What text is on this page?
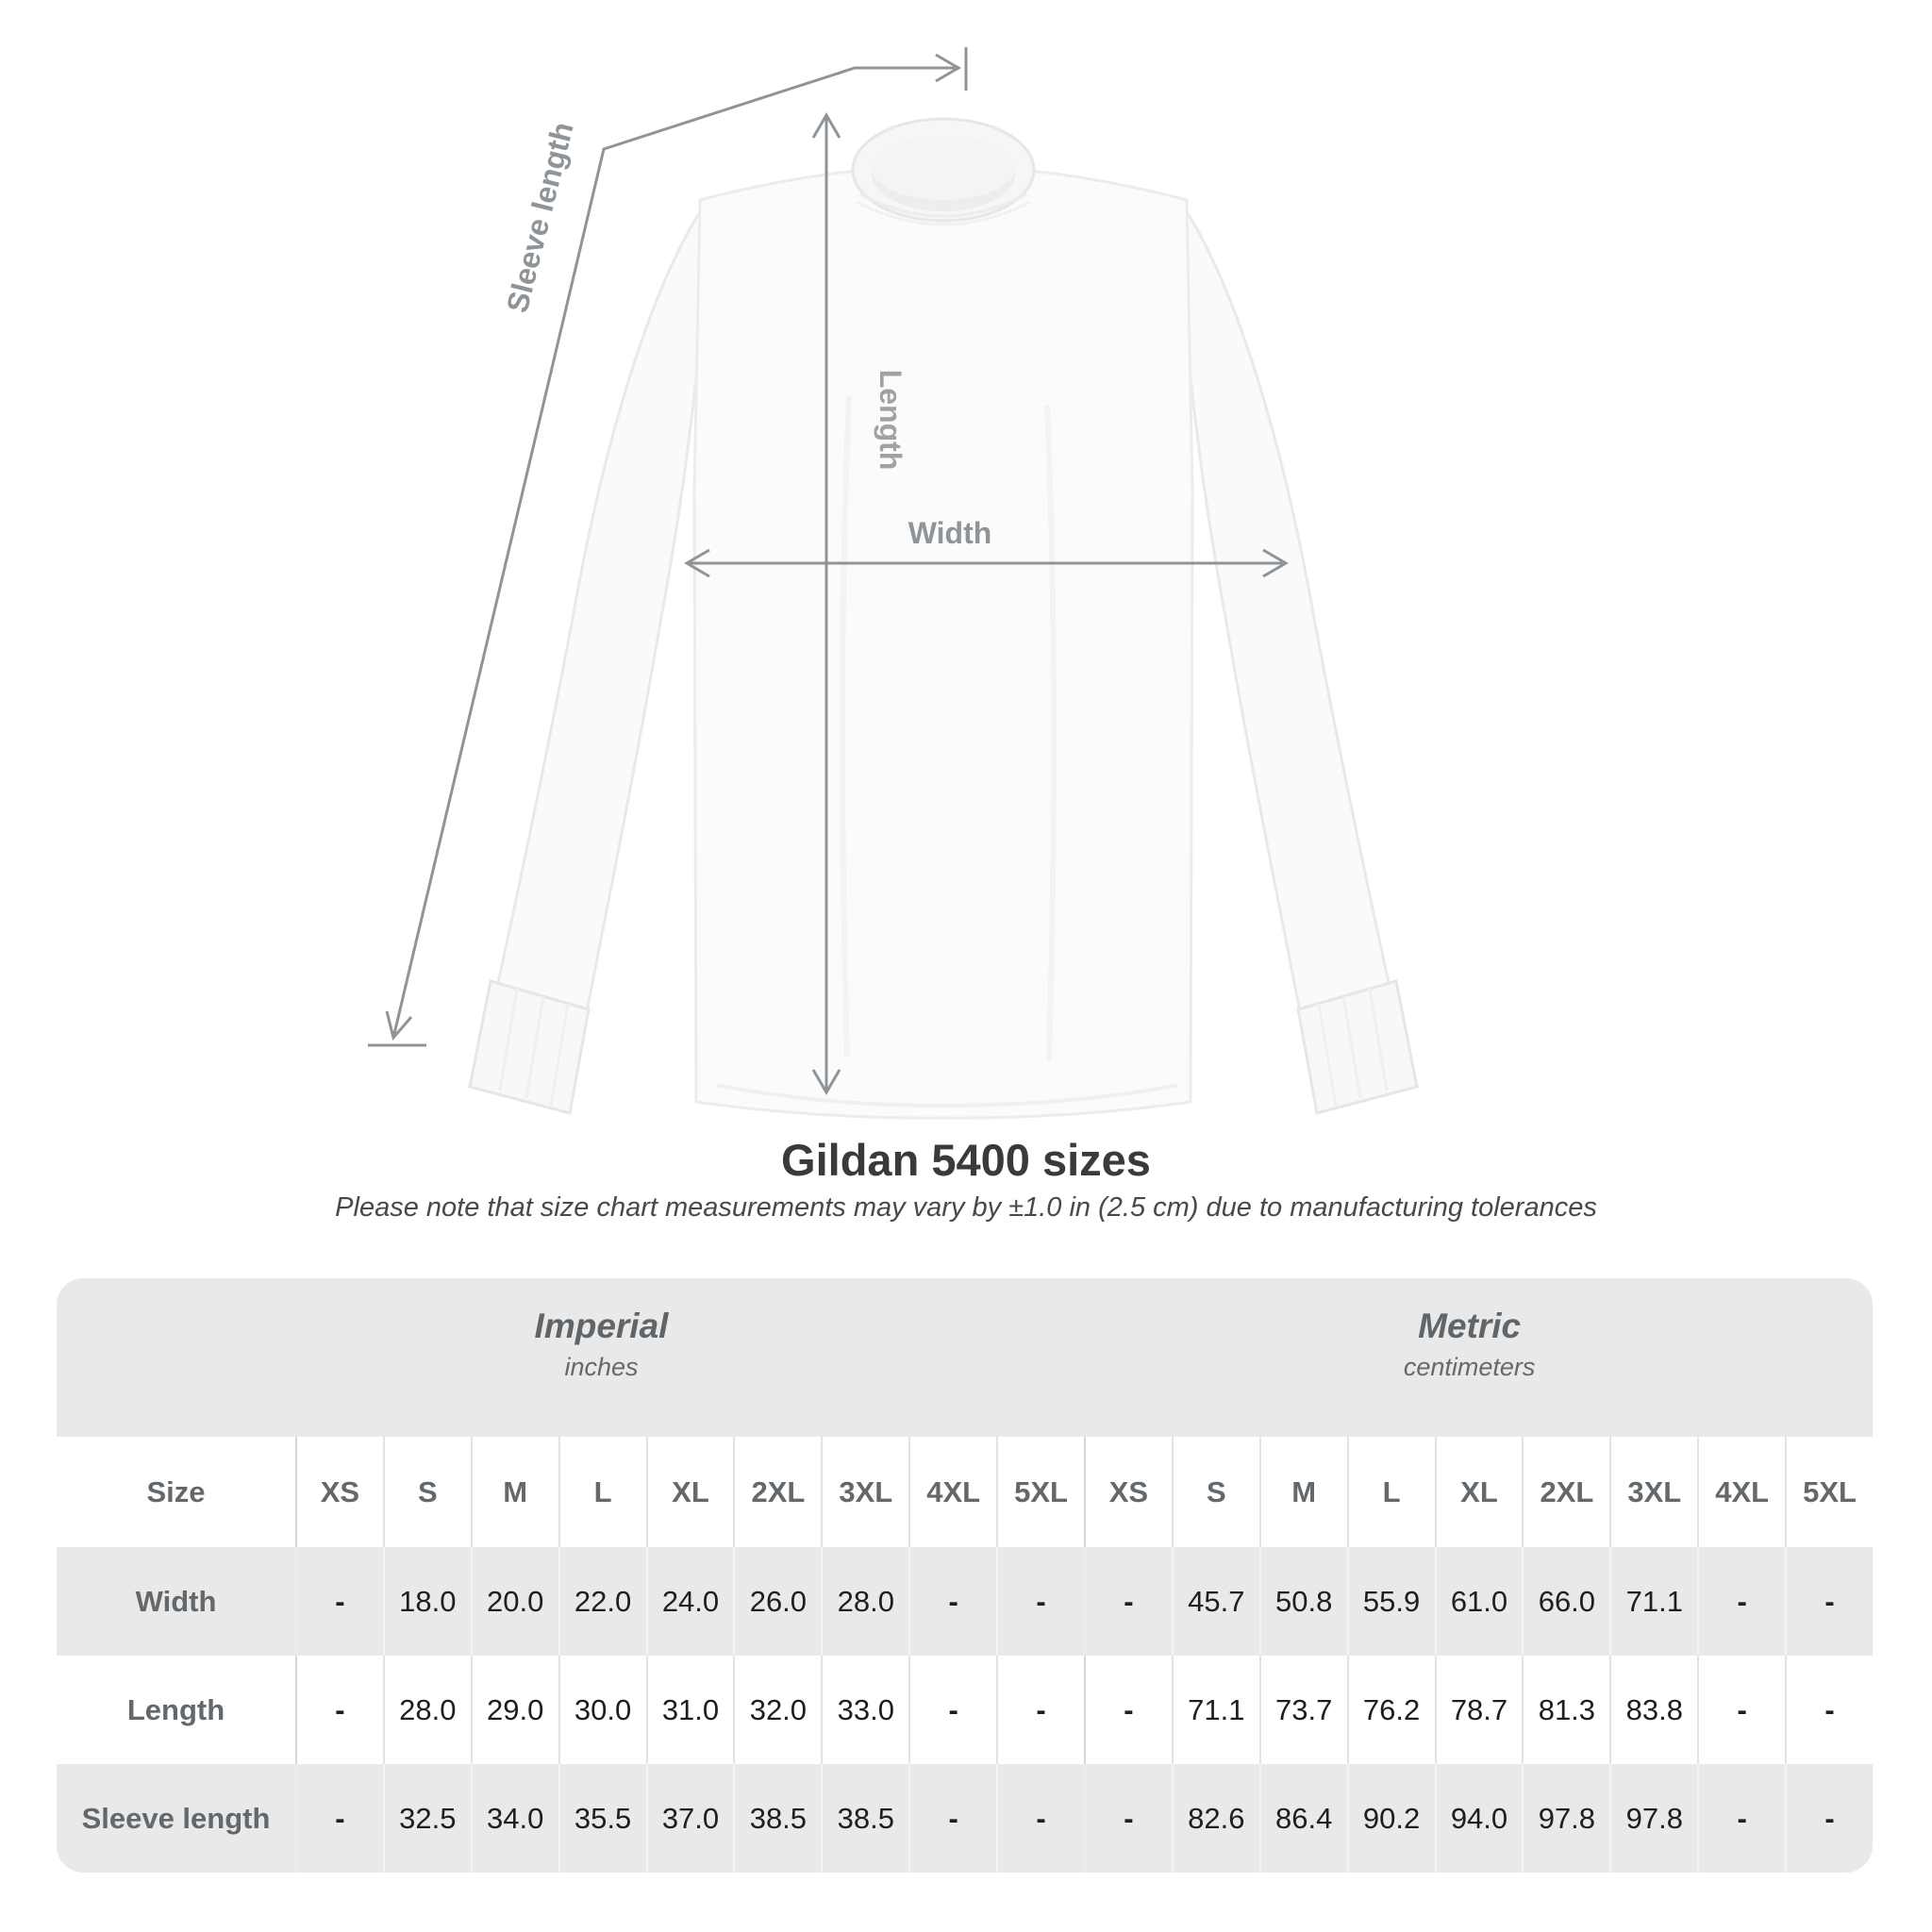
Sleeve length
Length
Width
Gildan 5400 sizes
Please note that size chart measurements may vary by ±1.0 in (2.5 cm) due to manufacturing tolerances
Imperial
inches
Metric
centimeters
Size	XS	S	M	L	XL	2XL	3XL	4XL	5XL	XS	S	M	L	XL	2XL	3XL	4XL	5XL
Width	-	18.0	20.0	22.0	24.0	26.0	28.0	-	-	-	45.7	50.8	55.9	61.0	66.0	71.1	-	-
Length	-	28.0	29.0	30.0	31.0	32.0	33.0	-	-	-	71.1	73.7	76.2	78.7	81.3	83.8	-	-
Sleeve length	-	32.5	34.0	35.5	37.0	38.5	38.5	-	-	-	82.6	86.4	90.2	94.0	97.8	97.8	-	-
